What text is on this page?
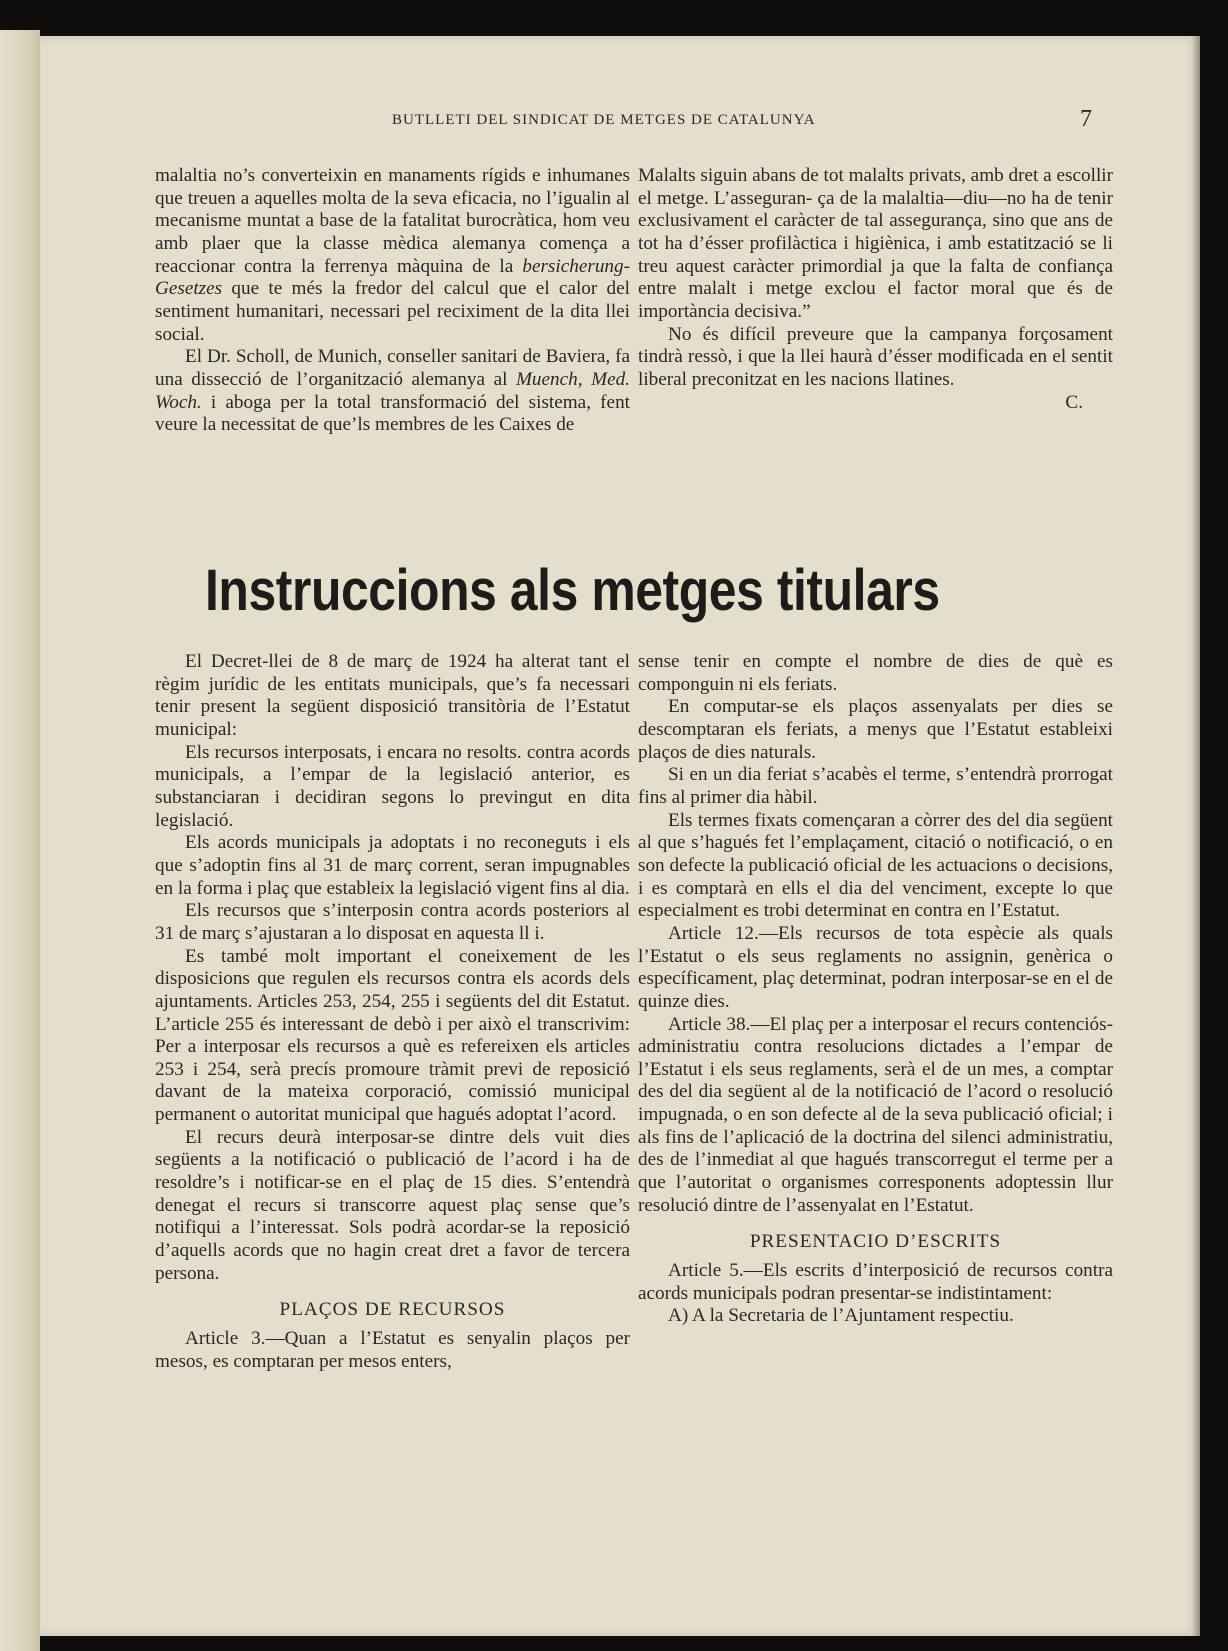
BUTLLETI DEL SINDICAT DE METGES DE CATALUNYA	7

malaltia no’s converteixin en manaments rígids e inhumanes que treuen a aquelles molta de la seva eficacia, no l’igualin al mecanisme muntat a base de la fatalitat burocràtica, hom veu amb plaer que la classe mèdica alemanya comença a reaccionar contra la ferrenya màquina de la bersicherung-Gesetzes que te més la fredor del calcul que el calor del sentiment humanitari, necessari pel reciximent de la dita llei social.

El Dr. Scholl, de Munich, conseller sanitari de Baviera, fa una dissecció de l’organització alemanya al Muench, Med. Woch. i aboga per la total transformació del sistema, fent veure la necessitat de que’ls membres de les Caixes de

Malalts siguin abans de tot malalts privats, amb dret a escollir el metge. L’asseguran- ça de la malaltia—diu—no ha de tenir exclusivament el caràcter de tal assegurança, sino que ans de tot ha d’ésser profilàctica i higiènica, i amb estatització se li treu aquest caràcter primordial ja que la falta de confiança entre malalt i metge exclou el factor moral que és de importància decisiva.”

No és difícil preveure que la campanya forçosament tindrà ressò, i que la llei haurà d’ésser modificada en el sentit liberal preconitzat en les nacions llatines.

C.

Instruccions als metges titulars

El Decret-llei de 8 de març de 1924 ha alterat tant el règim jurídic de les entitats municipals, que’s fa necessari tenir present la següent disposició transitòria de l’Estatut municipal:

Els recursos interposats, i encara no resolts. contra acords municipals, a l’empar de la legislació anterior, es substanciaran i decidiran segons lo previngut en dita legislació.

Els acords municipals ja adoptats i no reconeguts i els que s’adoptin fins al 31 de març corrent, seran impugnables en la forma i plaç que estableix la legislació vigent fins al dia.

Els recursos que s’interposin contra acords posteriors al 31 de març s’ajustaran a lo disposat en aquesta ll i.

Es també molt important el coneixement de les disposicions que regulen els recursos contra els acords dels ajuntaments. Articles 253, 254, 255 i següents del dit Estatut. L’article 255 és interessant de debò i per això el transcrivim: Per a interposar els recursos a què es refereixen els articles 253 i 254, serà precís promoure tràmit previ de reposició davant de la mateixa corporació, comissió municipal permanent o autoritat municipal que hagués adoptat l’acord.

El recurs deurà interposar-se dintre dels vuit dies següents a la notificació o publicació de l’acord i ha de resoldre’s i notificar-se en el plaç de 15 dies. S’entendrà denegat el recurs si transcorre aquest plaç sense que’s notifiqui a l’interessat. Sols podrà acordar-se la reposició d’aquells acords que no hagin creat dret a favor de tercera persona.

PLAÇOS DE RECURSOS

Article 3.—Quan a l’Estatut es senyalin plaços per mesos, es comptaran per mesos enters,

sense tenir en compte el nombre de dies de què es componguin ni els feriats.

En computar-se els plaços assenyalats per dies se descomptaran els feriats, a menys que l’Estatut estableixi plaços de dies naturals.

Si en un dia feriat s’acabès el terme, s’entendrà prorrogat fins al primer dia hàbil.

Els termes fixats començaran a còrrer des del dia següent al que s’hagués fet l’emplaçament, citació o notificació, o en son defecte la publicació oficial de les actuacions o decisions, i es comptarà en ells el dia del venciment, excepte lo que especialment es trobi determinat en contra en l’Estatut.

Article 12.—Els recursos de tota espècie als quals l’Estatut o els seus reglaments no assignin, genèrica o específicament, plaç determinat, podran interposar-se en el de quinze dies.

Article 38.—El plaç per a interposar el recurs contenciós-administratiu contra resolucions dictades a l’empar de l’Estatut i els seus reglaments, serà el de un mes, a comptar des del dia següent al de la notificació de l’acord o resolució impugnada, o en son defecte al de la seva publicació oficial; i als fins de l’aplicació de la doctrina del silenci administratiu, des de l’inmediat al que hagués transcorregut el terme per a que l’autoritat o organismes corresponents adoptessin llur resolució dintre de l’assenyalat en l’Estatut.

PRESENTACIO D’ESCRITS

Article 5.—Els escrits d’interposició de recursos contra acords municipals podran presentar-se indistintament:

A) A la Secretaria de l’Ajuntament respectiu.
